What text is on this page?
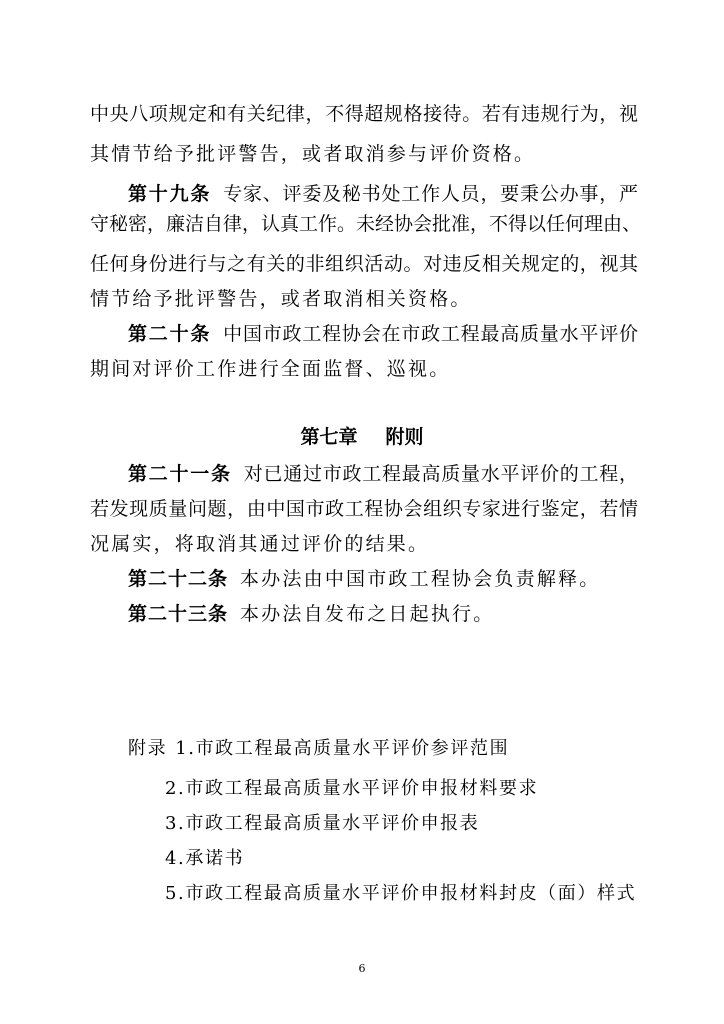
中央八项规定和有关纪律，不得超规格接待。若有违规行为，视

其情节给予批评警告，或者取消参与评价资格。

第十九条 专家、评委及秘书处工作人员，要秉公办事，严

守秘密，廉洁自律，认真工作。未经协会批准，不得以任何理由、

任何身份进行与之有关的非组织活动。对违反相关规定的，视其

情节给予批评警告，或者取消相关资格。

第二十条 中国市政工程协会在市政工程最高质量水平评价

期间对评价工作进行全面监督、巡视。

第七章 附则

第二十一条 对已通过市政工程最高质量水平评价的工程，

若发现质量问题，由中国市政工程协会组织专家进行鉴定，若情

况属实，将取消其通过评价的结果。

第二十二条 本办法由中国市政工程协会负责解释。

第二十三条 本办法自发布之日起执行。

附录 1.市政工程最高质量水平评价参评范围

2.市政工程最高质量水平评价申报材料要求

3.市政工程最高质量水平评价申报表

4.承诺书

5.市政工程最高质量水平评价申报材料封皮（面）样式

6
